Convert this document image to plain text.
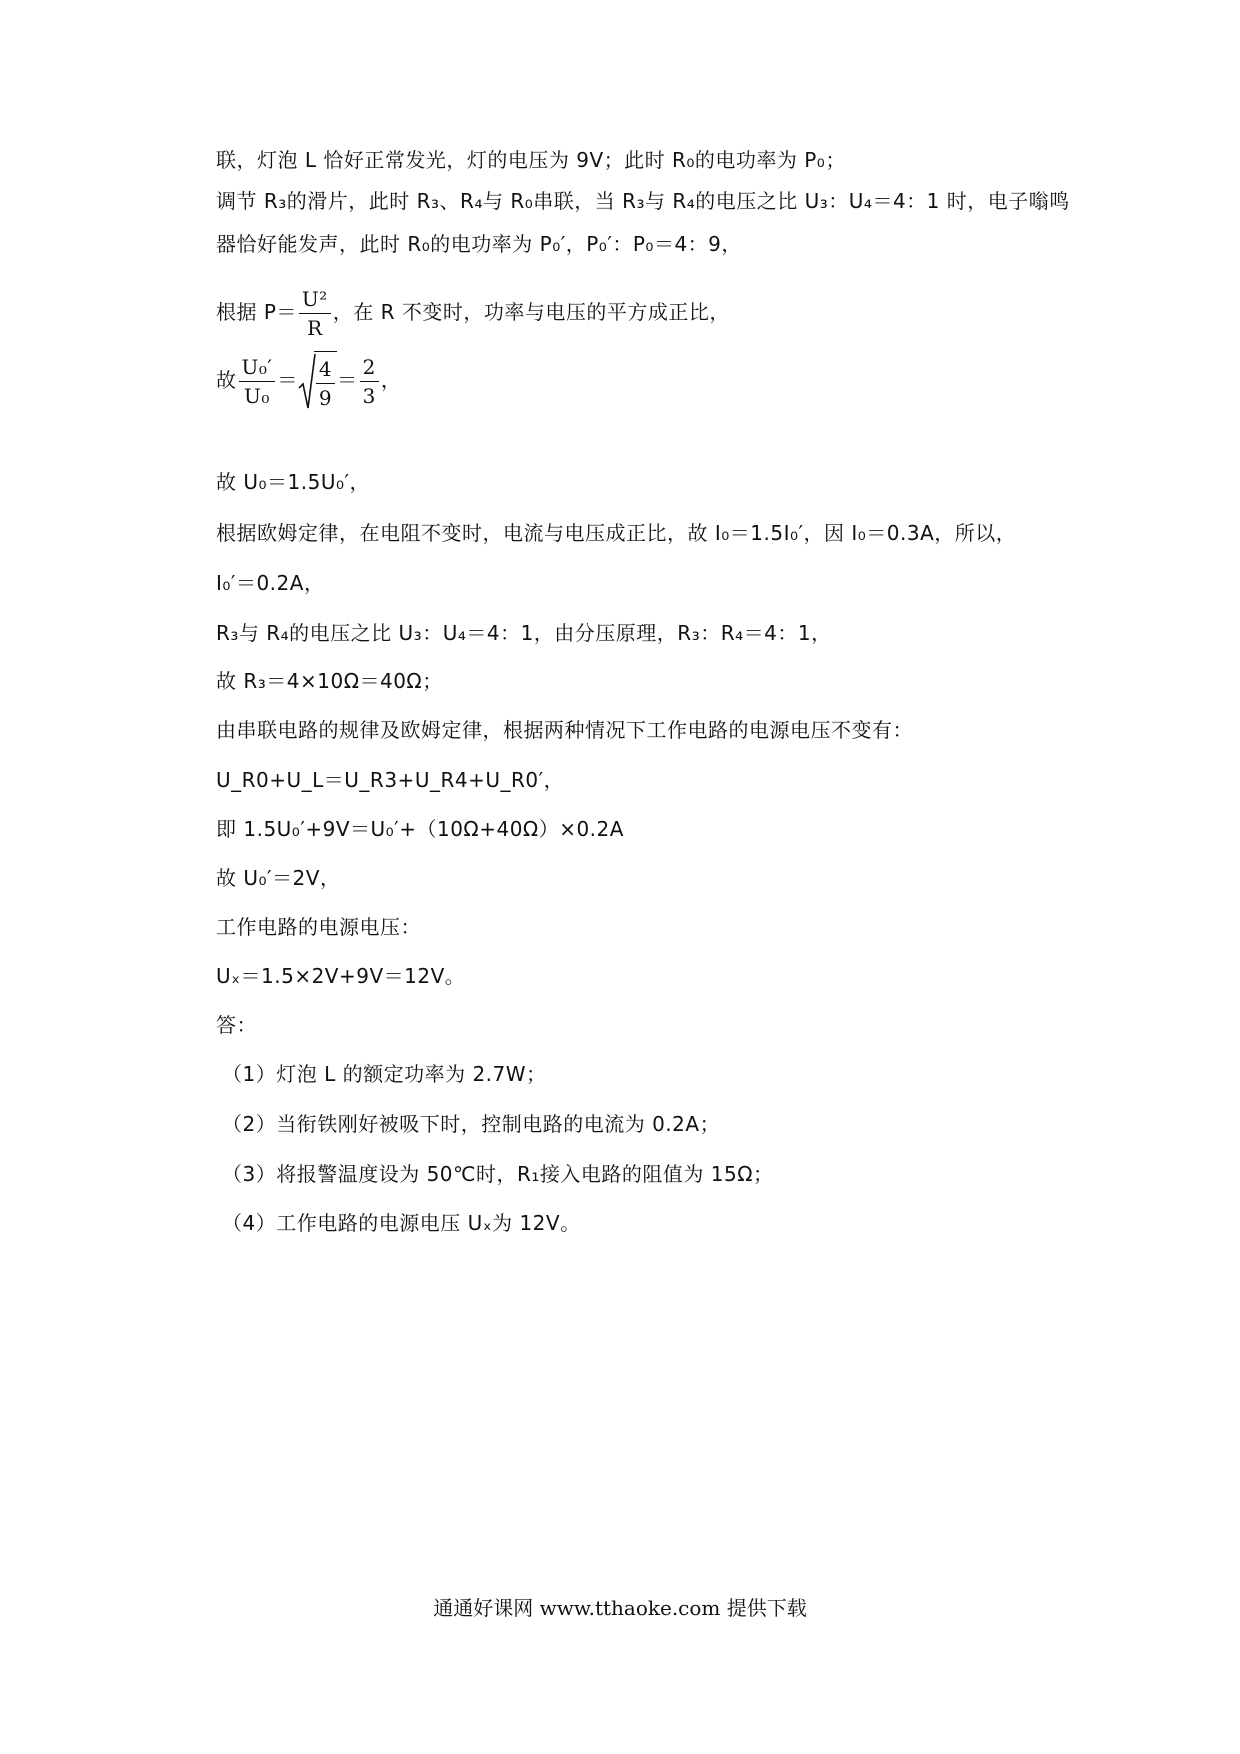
联，灯泡 L 恰好正常发光，灯的电压为 9V；此时 R₀的电功率为 P₀；
调节 R₃的滑片，此时 R₃、R₄与 R₀串联，当 R₃与 R₄的电压之比 U₃：U₄＝4：1 时，电子嗡鸣
器恰好能发声，此时 R₀的电功率为 P₀′，P₀′：P₀＝4：9，
根据 $P= \frac{\text{U²}}{R}$ ，在 R 不变时，功率与电压的平方成正比，
故 $\frac{\text{U₀′}}{\text{U₀}} = \frac{4}{9} = \frac{2}{3}$ ，
故 U₀＝1.5U₀′，
根据欧姆定律，在电阻不变时，电流与电压成正比，故 I₀＝1.5I₀′，因 I₀＝0.3A，所以，
I₀′＝0.2A，
R₃与 R₄的电压之比 U₃：U₄＝4：1，由分压原理，R₃：R₄＝4：1，
故 R₃＝4×10Ω＝40Ω；
由串联电路的规律及欧姆定律，根据两种情况下工作电路的电源电压不变有：
U_R0+U_L＝U_R3+U_R4+U_R0′，
即 1.5U₀′+9V＝U₀′+（10Ω+40Ω）×0.2A
故 U₀′＝2V，
工作电路的电源电压：
Uₓ＝1.5×2V+9V＝12V。
答：
（1）灯泡 L 的额定功率为 2.7W；
（2）当衔铁刚好被吸下时，控制电路的电流为 0.2A；
（3）将报警温度设为 50℃时，R₁接入电路的阻值为 15Ω；
（4）工作电路的电源电压 Uₓ为 12V。
通通好课网 www.tthaoke.com 提供下载
